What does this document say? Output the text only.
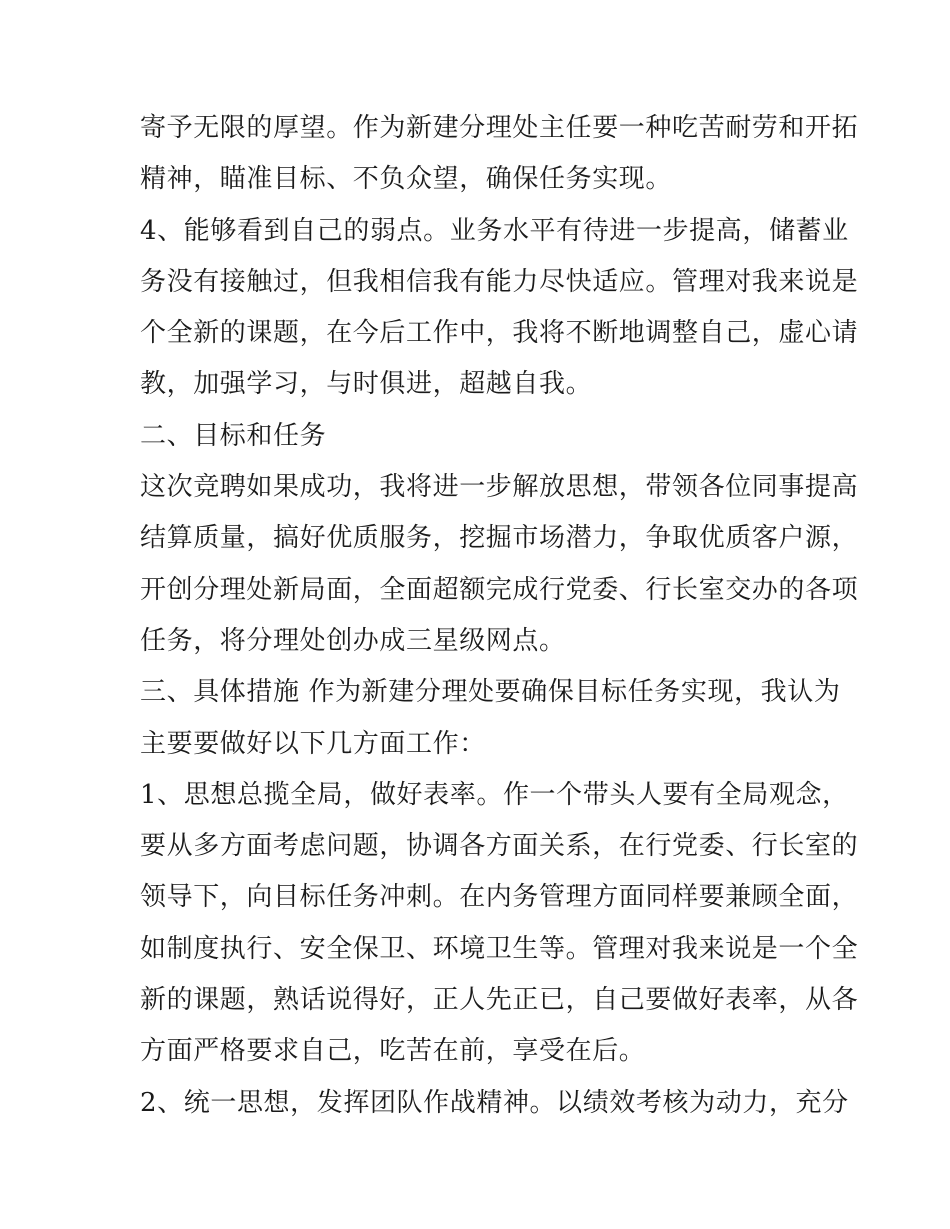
寄予无限的厚望。作为新建分理处主任要一种吃苦耐劳和开拓
精神，瞄准目标、不负众望，确保任务实现。
4、能够看到自己的弱点。业务水平有待进一步提高，储蓄业
务没有接触过，但我相信我有能力尽快适应。管理对我来说是
个全新的课题，在今后工作中，我将不断地调整自己，虚心请
教，加强学习，与时俱进，超越自我。
二、目标和任务
这次竞聘如果成功，我将进一步解放思想，带领各位同事提高
结算质量，搞好优质服务，挖掘市场潜力，争取优质客户源，
开创分理处新局面，全面超额完成行党委、行长室交办的各项
任务，将分理处创办成三星级网点。
三、具体措施 作为新建分理处要确保目标任务实现，我认为
主要要做好以下几方面工作：
1、思想总揽全局，做好表率。作一个带头人要有全局观念，
要从多方面考虑问题，协调各方面关系，在行党委、行长室的
领导下，向目标任务冲刺。在内务管理方面同样要兼顾全面，
如制度执行、安全保卫、环境卫生等。管理对我来说是一个全
新的课题，熟话说得好，正人先正已，自己要做好表率，从各
方面严格要求自己，吃苦在前，享受在后。
2、统一思想，发挥团队作战精神。以绩效考核为动力，充分
